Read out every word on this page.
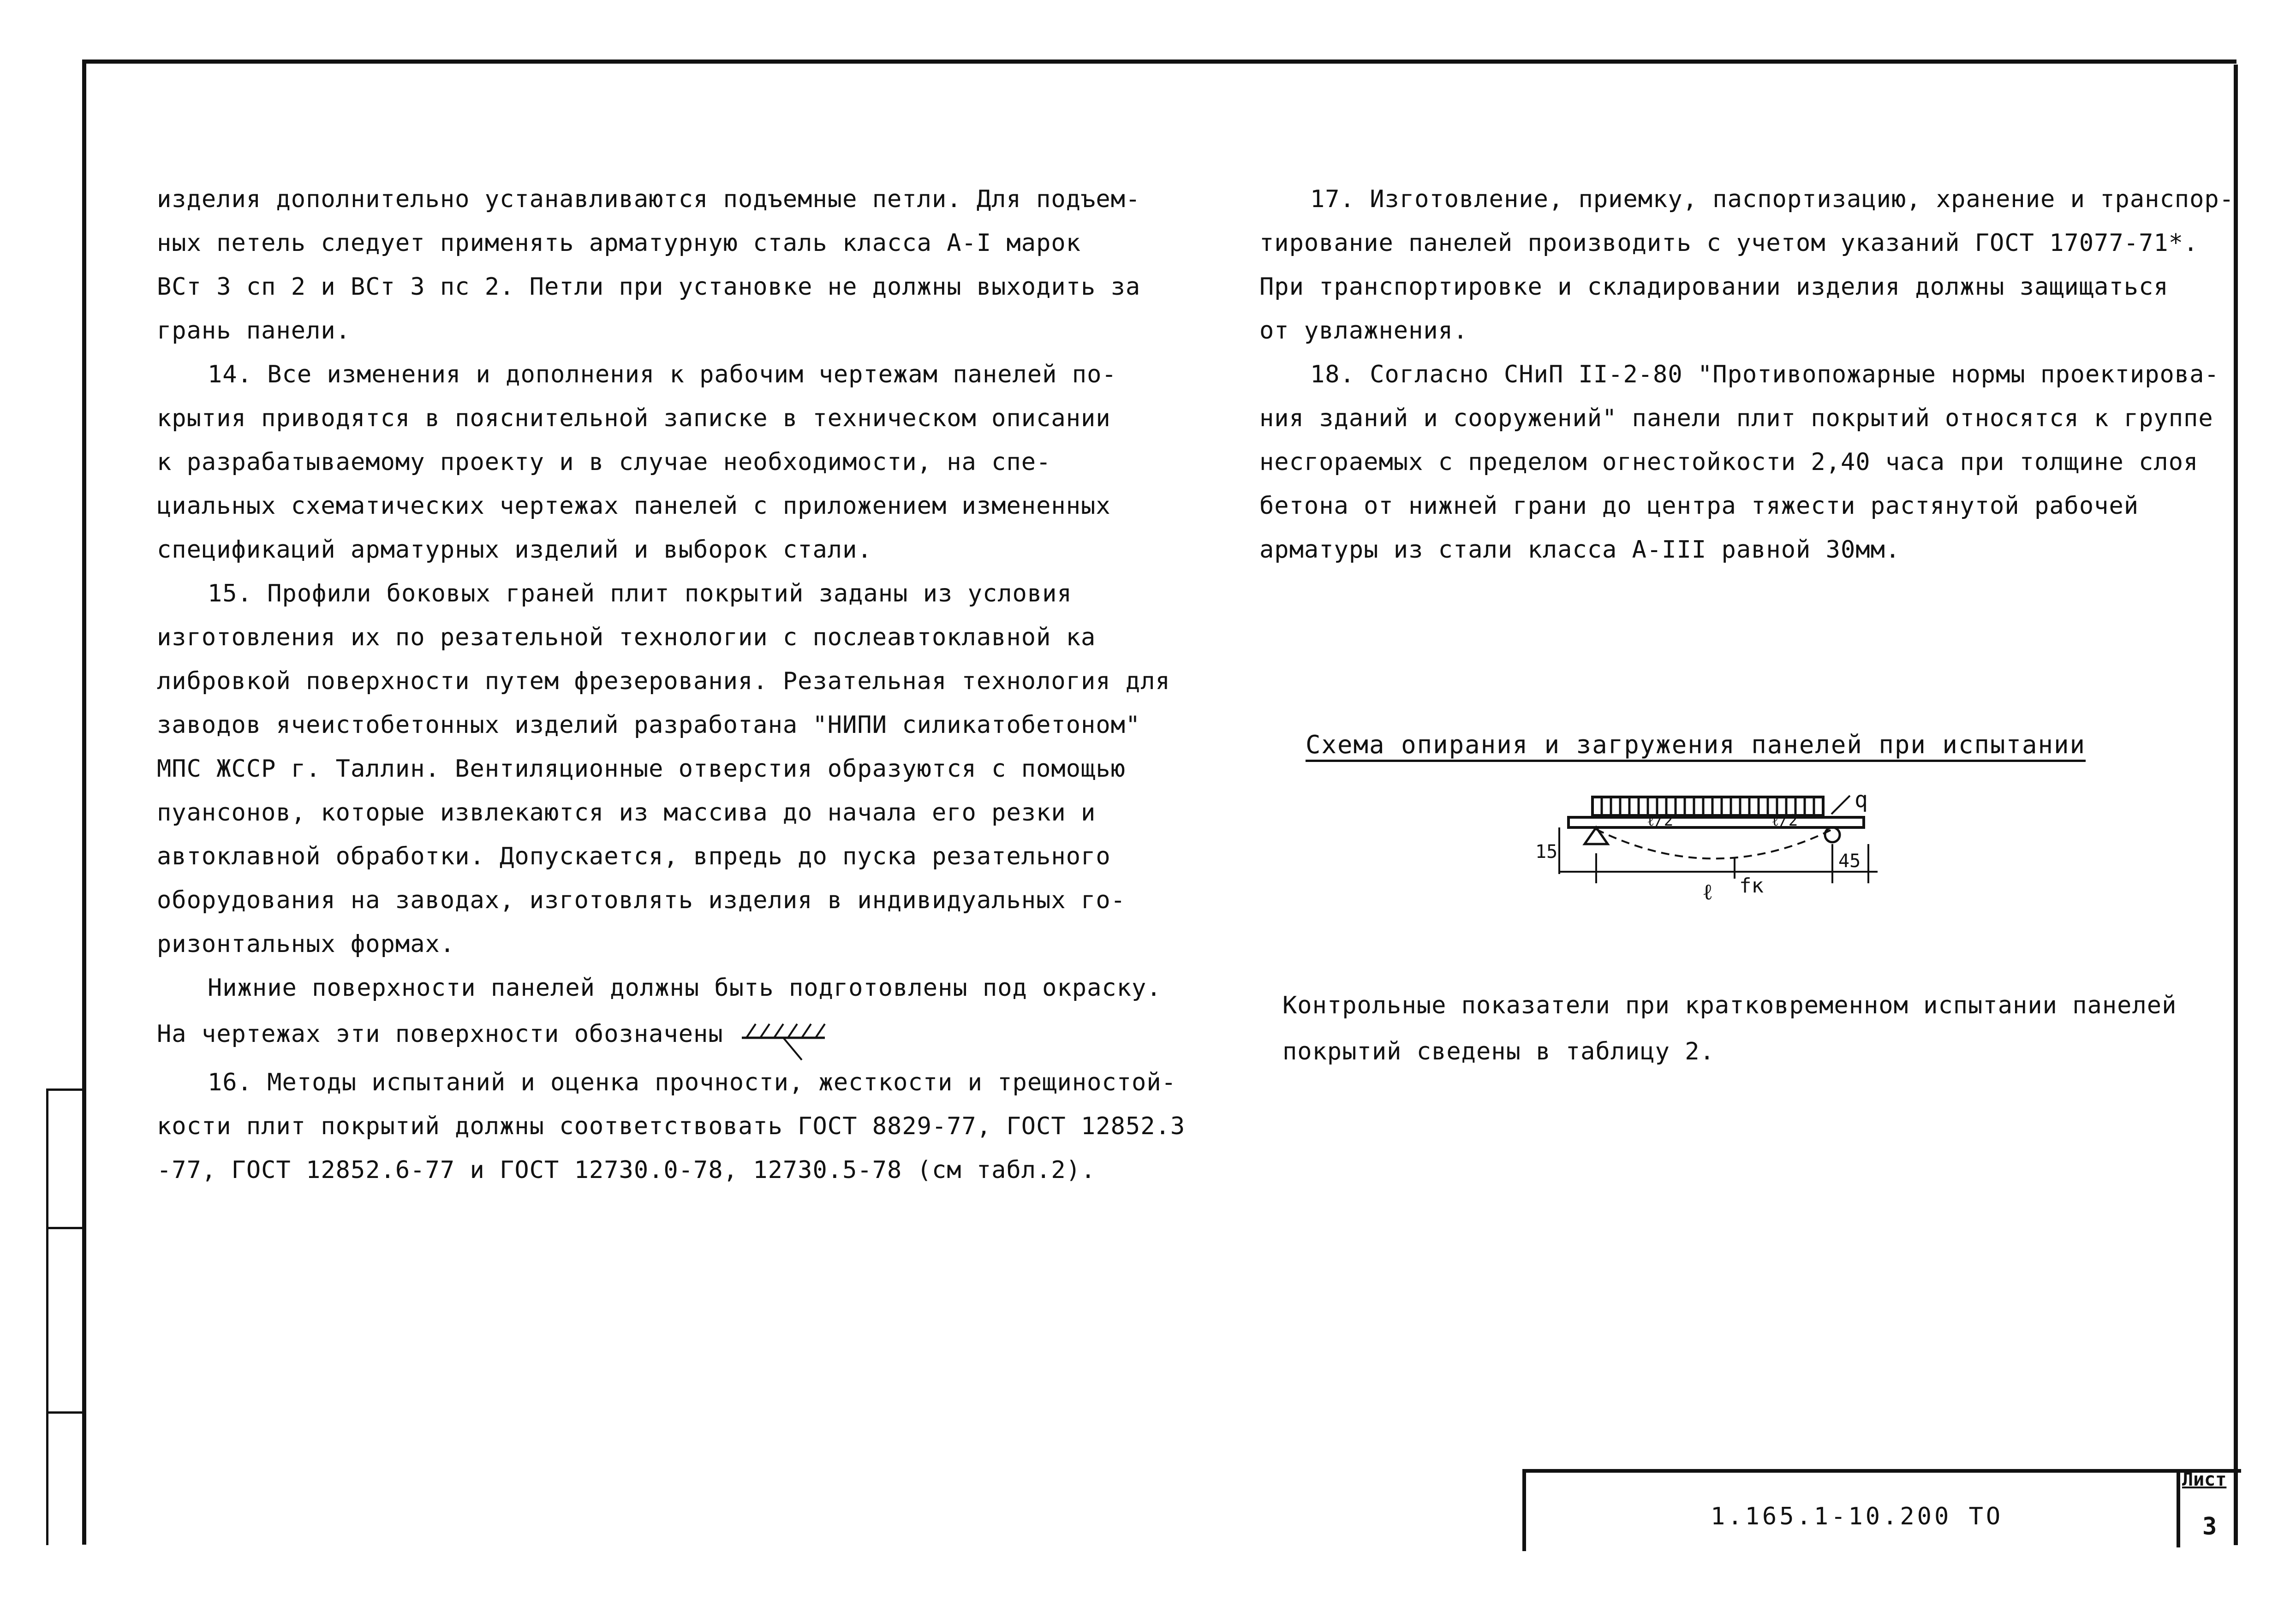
изделия дополнительно устанавливаются подъемные петли. Для подъем-

ных петель следует применять арматурную сталь класса А-I марок

ВСт 3 сп 2 и ВСт 3 пс 2. Петли при установке не должны выходить за

грань панели.

14. Все изменения и дополнения к рабочим чертежам панелей по-

крытия приводятся в пояснительной записке в техническом описании

к разрабатываемому проекту и в случае необходимости, на спе-

циальных схематических чертежах панелей с приложением измененных

спецификаций арматурных изделий и выборок стали.

15. Профили боковых граней плит покрытий заданы из условия

изготовления их по резательной технологии с послеавтоклавной ка

либровкой поверхности путем фрезерования. Резательная технология для

заводов ячеистобетонных изделий разработана "НИПИ силикатобетоном"

МПС ЖССР г. Таллин. Вентиляционные отверстия образуются с помощью

пуансонов, которые извлекаются из массива до начала его резки и

автоклавной обработки. Допускается, впредь до пуска резательного

оборудования на заводах, изготовлять изделия в индивидуальных го-

ризонтальных формах.

Нижние поверхности панелей должны быть подготовлены под окраску.

На чертежах эти поверхности обозначены

16. Методы испытаний и оценка прочности, жесткости и трещиностой-

кости плит покрытий должны соответствовать ГОСТ 8829-77, ГОСТ 12852.3

-77, ГОСТ 12852.6-77 и ГОСТ 12730.0-78, 12730.5-78 (см табл.2).

17. Изготовление, приемку, паспортизацию, хранение и транспор-

тирование панелей производить с учетом указаний ГОСТ 17077-71*.

При транспортировке и складировании изделия должны защищаться

от увлажнения.

18. Согласно СНиП II-2-80 "Противопожарные нормы проектирова-

ния зданий и сооружений" панели плит покрытий относятся к группе

несгораемых с пределом огнестойкости 2,40 часа при толщине слоя

бетона от нижней грани до центра тяжести растянутой рабочей

арматуры из стали класса А-III равной 30мм.

Схема опирания и загружения панелей при испытании
q
ℓ/2	ℓ/2
15
ℓ fк
45

Контрольные показатели при кратковременном испытании панелей

покрытий сведены в таблицу 2.

1.165.1-10.200 ТО
Лист
3
